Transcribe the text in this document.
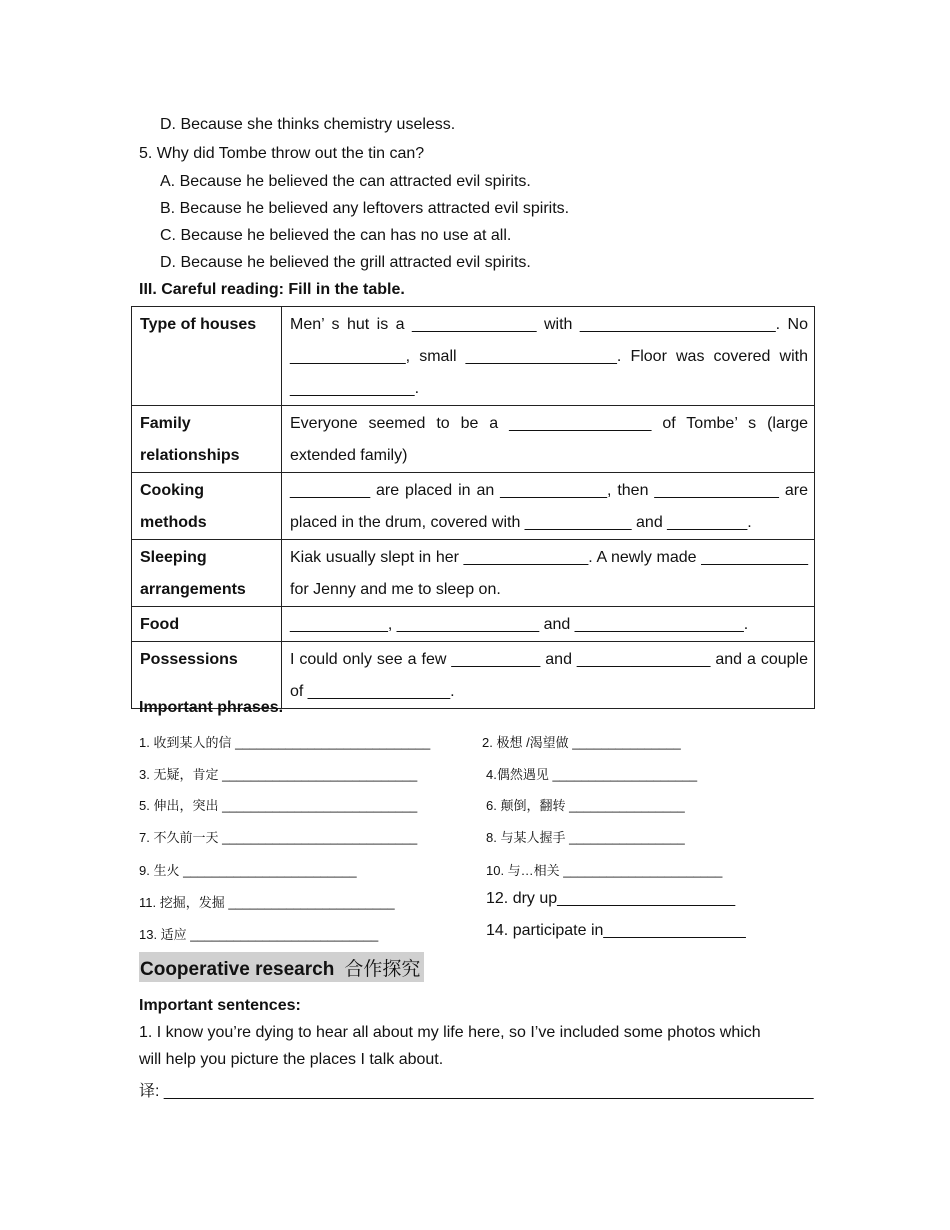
D. Because she thinks chemistry useless.
5. Why did Tombe throw out the tin can?
A. Because he believed the can attracted evil spirits.
B. Because he believed any leftovers attracted evil spirits.
C. Because he believed the can has no use at all.
D. Because he believed the grill attracted evil spirits.
III. Careful reading: Fill in the table.
Type of houses	Men’ s hut is a ______________ with ______________________. No _____________, small _________________. Floor was covered with ______________.
Family relationships	Everyone seemed to be a ________________ of Tombe’ s (large extended family)
Cooking methods	_________ are placed in an ____________, then ______________ are placed in the drum, covered with ____________ and _________.
Sleeping arrangements	Kiak usually slept in her ______________. A newly made ____________ for Jenny and me to sleep on.
Food	___________, ________________ and ___________________.
Possessions	I could only see a few __________ and _______________ and a couple of ________________.
Important phrases.
1. 收到某人的信 ___________________________	2. 极想 /渴望做 _______________
3. 无疑，肯定 ___________________________	4.偶然遇见 ____________________
5. 伸出，突出 ___________________________	6. 颠倒，翻转 ________________
7. 不久前一天 ___________________________	8. 与某人握手 ________________
9. 生火 ________________________	10. 与…相关 ______________________
11. 挖掘，发掘 _______________________	12. dry up____________________
13. 适应 __________________________	14. participate in________________
Cooperative research 合作探究
Important sentences:
1. I know you’re dying to hear all about my life here, so I’ve included some photos which
will help you picture the places I talk about.
译: _________________________________________________________________________
